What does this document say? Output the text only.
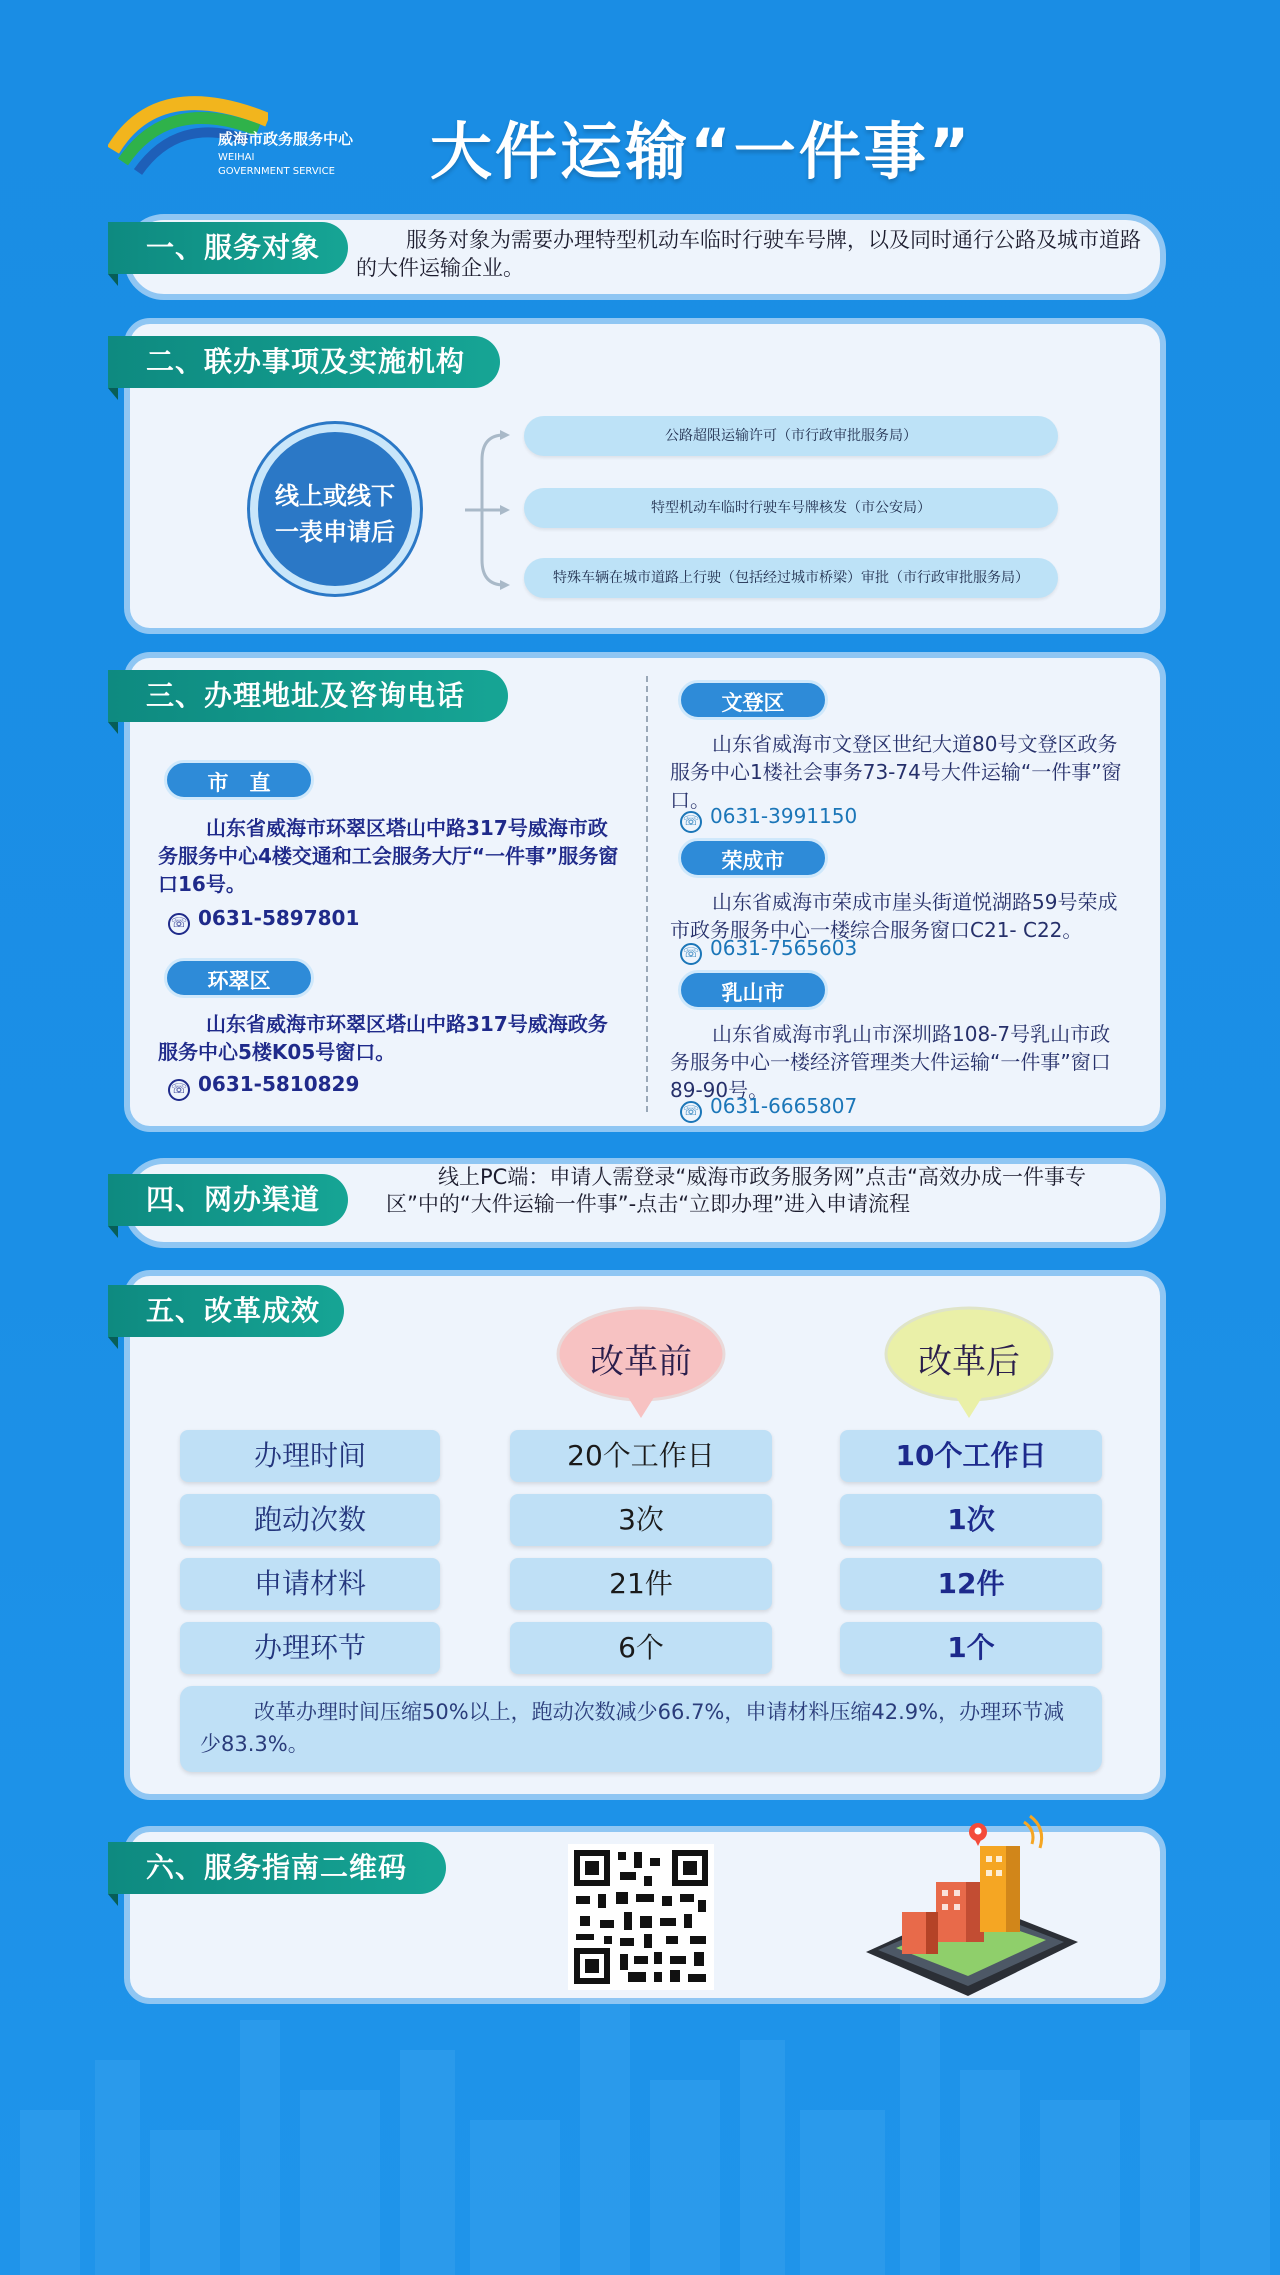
威海市政务服务中心
WEIHAI
GOVERNMENT SERVICE 大件运输“一件事”
一、服务对象	服务对象为需要办理特型机动车临时行驶车号牌，以及同时通行公路及城市道路的大件运输企业。
二、联办事项及实施机构
线上或线下
一表申请后
公路超限运输许可（市行政审批服务局）
特型机动车临时行驶车号牌核发（市公安局）
特殊车辆在城市道路上行驶（包括经过城市桥梁）审批（市行政审批服务局）
三、办理地址及咨询电话
市　直
山东省威海市环翠区塔山中路317号威海市政务服务中心4楼交通和工会服务大厅“一件事”服务窗口16号。
☏ 0631-5897801
环翠区
山东省威海市环翠区塔山中路317号威海政务服务中心5楼K05号窗口。
☏ 0631-5810829
文登区
山东省威海市文登区世纪大道80号文登区政务服务中心1楼社会事务73-74号大件运输“一件事”窗口。
☏ 0631-3991150
荣成市
山东省威海市荣成市崖头街道悦湖路59号荣成市政务服务中心一楼综合服务窗口C21- C22。
☏ 0631-7565603
乳山市
山东省威海市乳山市深圳路108-7号乳山市政务服务中心一楼经济管理类大件运输“一件事”窗口89-90号。
☏ 0631-6665807
四、网办渠道
线上PC端：申请人需登录“威海市政务服务网”点击“高效办成一件事专区”中的“大件运输一件事”-点击“立即办理”进入申请流程
五、改革成效
改革前	改革后
办理时间	20个工作日	10个工作日
跑动次数	3次	1次
申请材料	21件	12件
办理环节	6个	1个
改革办理时间压缩50%以上，跑动次数减少66.7%，申请材料压缩42.9%，办理环节减少83.3%。
六、服务指南二维码
